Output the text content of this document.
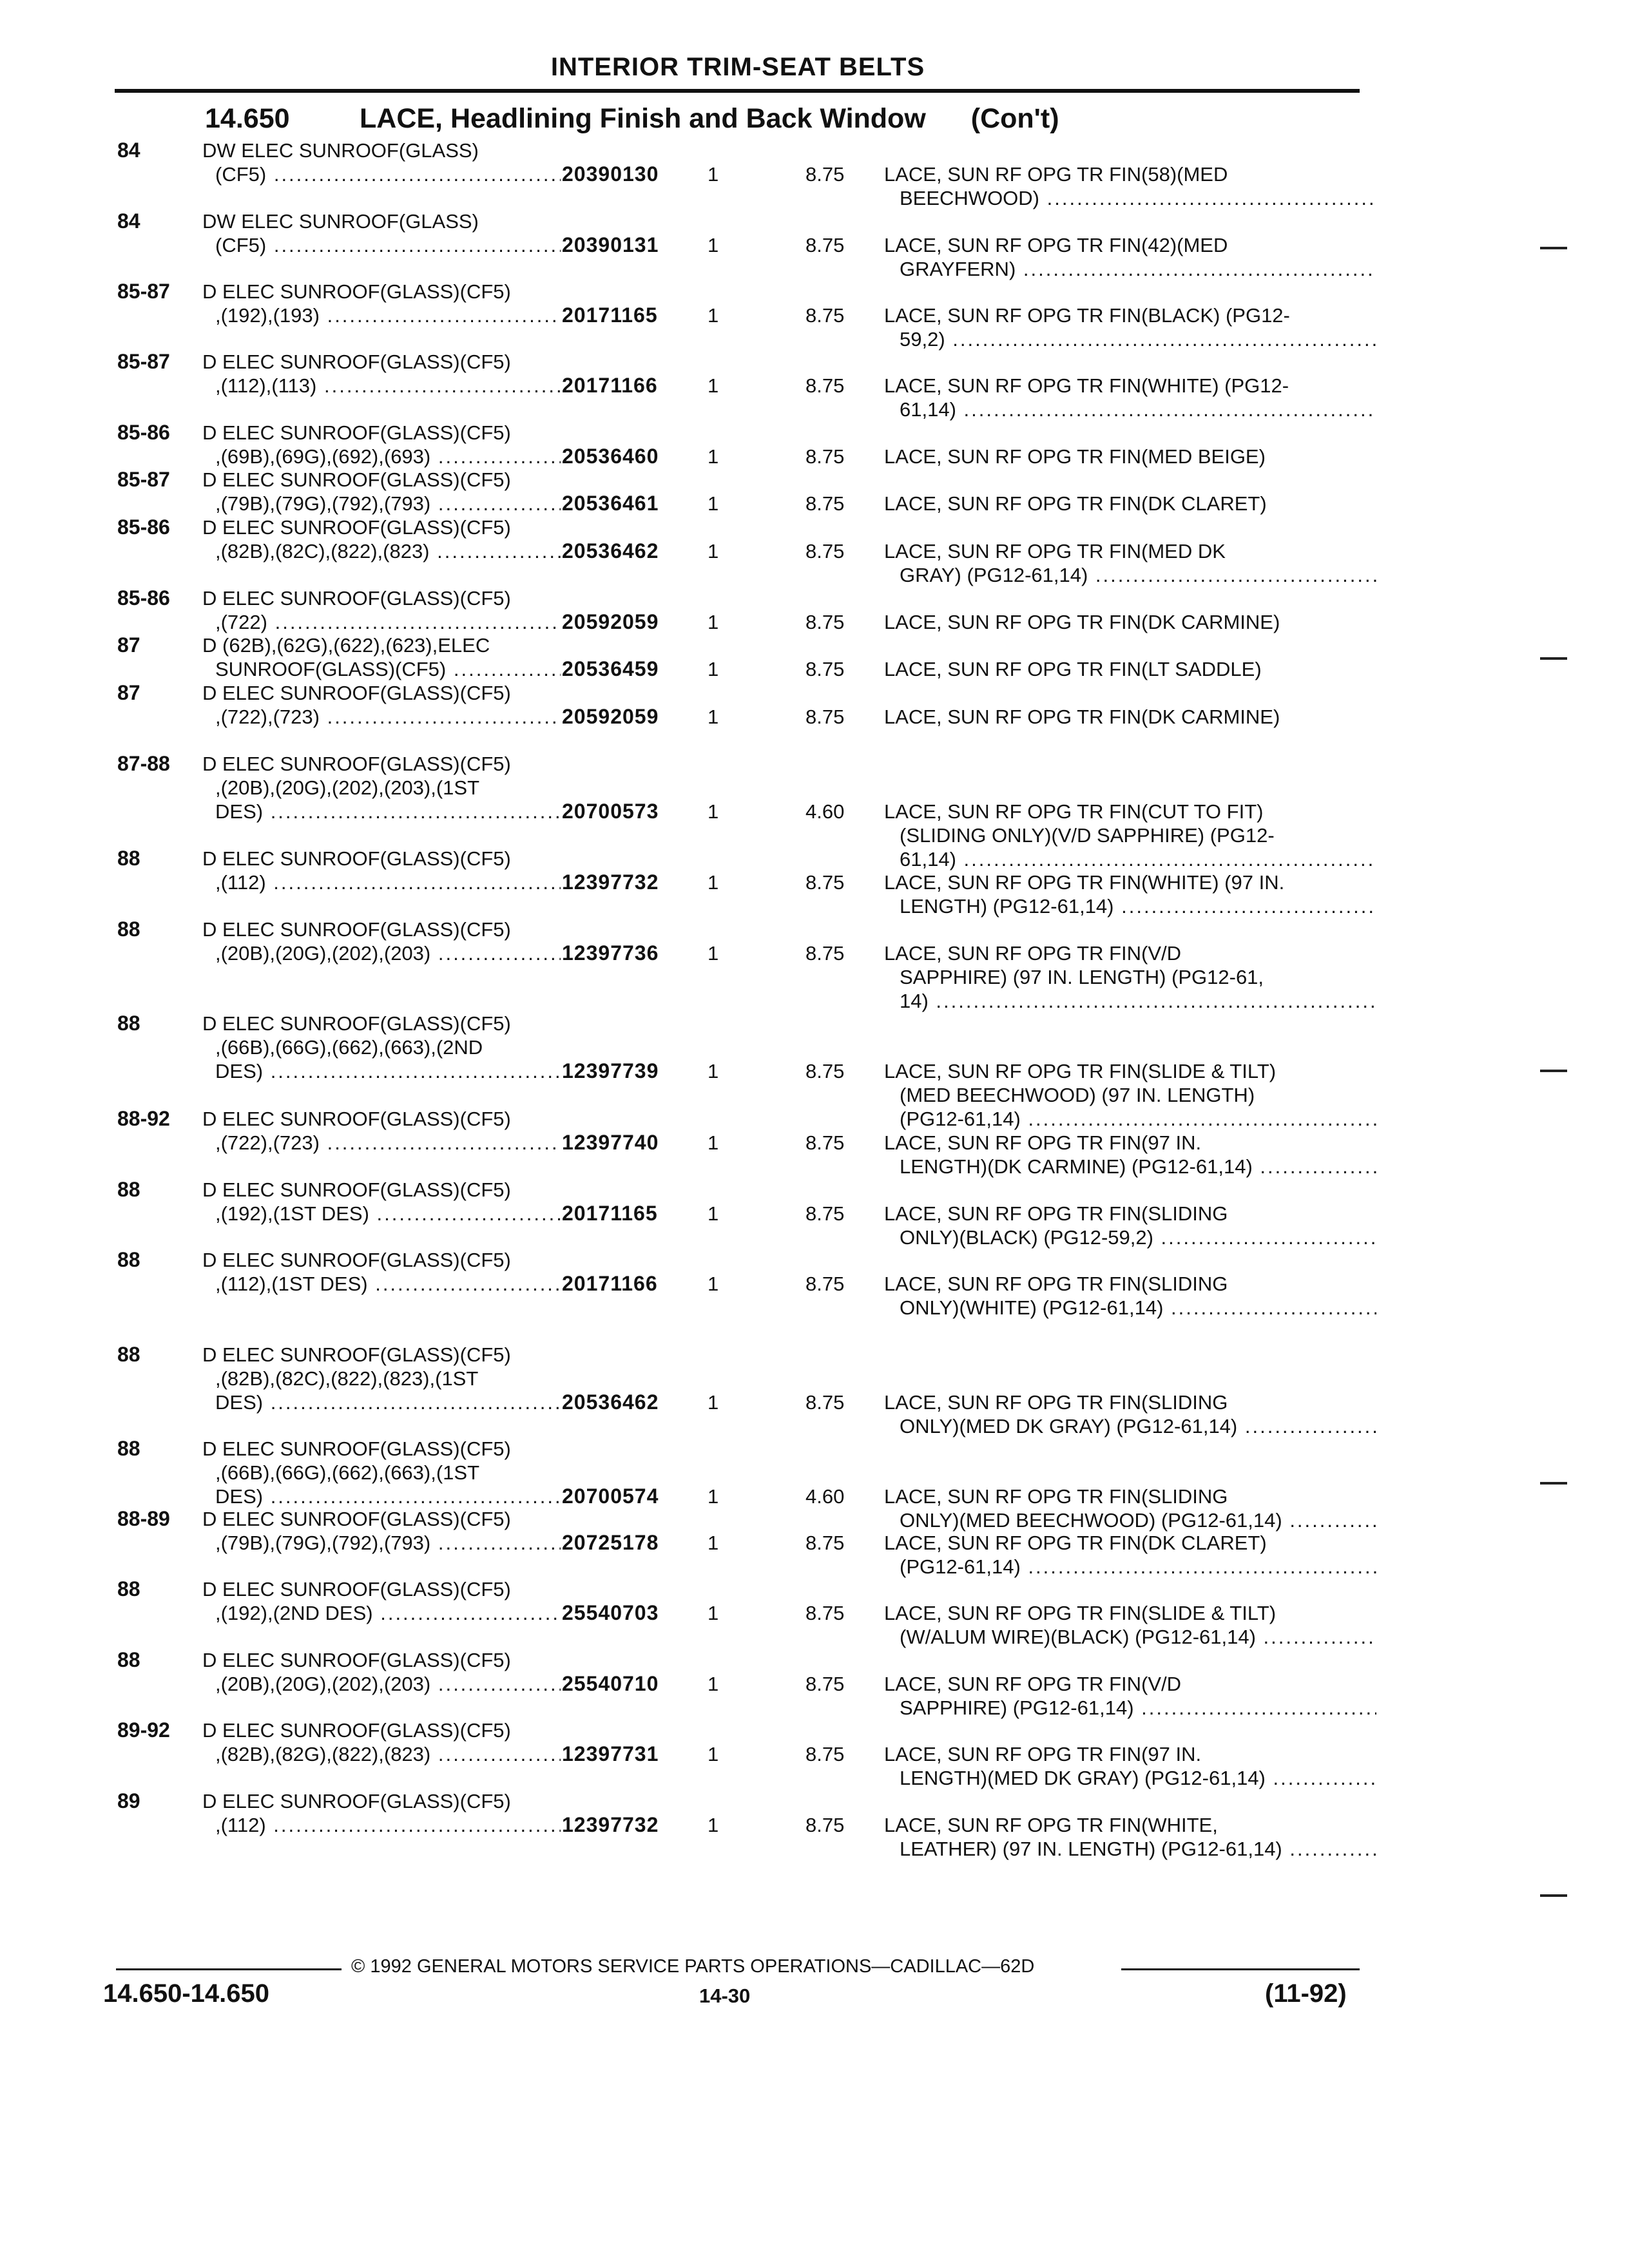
INTERIOR TRIM-SEAT BELTS
14.650	LACE, Headlining Finish and Back Window (Con't)
84	DW ELEC SUNROOF(GLASS)
(CF5) .....	20390130 1	8.75 LACE, SUN RF OPG TR FIN(58)(MED
BEECHWOOD) .....
84	DW ELEC SUNROOF(GLASS)
(CF5) .....	20390131 1	8.75 LACE, SUN RF OPG TR FIN(42)(MED
GRAYFERN) .....
85-87 D ELEC SUNROOF(GLASS)(CF5)
,(192),(193) .....	20171165 1	8.75 LACE, SUN RF OPG TR FIN(BLACK) (PG12-
59,2) .....
85-87 D ELEC SUNROOF(GLASS)(CF5)
,(112),(113) .....	20171166 1	8.75 LACE, SUN RF OPG TR FIN(WHITE) (PG12-
61,14) .....
85-86 D ELEC SUNROOF(GLASS)(CF5)
,(69B),(69G),(692),(693) .....	20536460 1	8.75 LACE, SUN RF OPG TR FIN(MED BEIGE)
85-87 D ELEC SUNROOF(GLASS)(CF5)
,(79B),(79G),(792),(793) .....	20536461 1	8.75 LACE, SUN RF OPG TR FIN(DK CLARET)
85-86 D ELEC SUNROOF(GLASS)(CF5)
,(82B),(82C),(822),(823) .....	20536462 1	8.75 LACE, SUN RF OPG TR FIN(MED DK
GRAY) (PG12-61,14) .....
85-86 D ELEC SUNROOF(GLASS)(CF5)
,(722) .....	20592059 1	8.75 LACE, SUN RF OPG TR FIN(DK CARMINE)
87	D (62B),(62G),(622),(623),ELEC
SUNROOF(GLASS)(CF5) .....	20536459 1	8.75 LACE, SUN RF OPG TR FIN(LT SADDLE)
87	D ELEC SUNROOF(GLASS)(CF5)
,(722),(723) .....	20592059 1	8.75 LACE, SUN RF OPG TR FIN(DK CARMINE)
87-88 D ELEC SUNROOF(GLASS)(CF5)
,(20B),(20G),(202),(203),(1ST
DES) .....	20700573 1	4.60 LACE, SUN RF OPG TR FIN(CUT TO FIT)
(SLIDING ONLY)(V/D SAPPHIRE) (PG12-
61,14) .....
88	D ELEC SUNROOF(GLASS)(CF5)
,(112) .....	12397732 1	8.75 LACE, SUN RF OPG TR FIN(WHITE) (97 IN.
LENGTH) (PG12-61,14) .....
88	D ELEC SUNROOF(GLASS)(CF5)
,(20B),(20G),(202),(203) .....	12397736 1	8.75 LACE, SUN RF OPG TR FIN(V/D
SAPPHIRE) (97 IN. LENGTH) (PG12-61,
14) .....
88	D ELEC SUNROOF(GLASS)(CF5)
,(66B),(66G),(662),(663),(2ND
DES) .....	12397739 1	8.75 LACE, SUN RF OPG TR FIN(SLIDE & TILT)
(MED BEECHWOOD) (97 IN. LENGTH)
(PG12-61,14) .....
88-92 D ELEC SUNROOF(GLASS)(CF5)
,(722),(723) .....	12397740 1	8.75 LACE, SUN RF OPG TR FIN(97 IN.
LENGTH)(DK CARMINE) (PG12-61,14) .....
88	D ELEC SUNROOF(GLASS)(CF5)
,(192),(1ST DES) .....	20171165 1	8.75 LACE, SUN RF OPG TR FIN(SLIDING
ONLY)(BLACK) (PG12-59,2) .....
88	D ELEC SUNROOF(GLASS)(CF5)
,(112),(1ST DES) .....	20171166 1	8.75 LACE, SUN RF OPG TR FIN(SLIDING
ONLY)(WHITE) (PG12-61,14) .....
88	D ELEC SUNROOF(GLASS)(CF5)
,(82B),(82C),(822),(823),(1ST
DES) .....	20536462 1	8.75 LACE, SUN RF OPG TR FIN(SLIDING
ONLY)(MED DK GRAY) (PG12-61,14) .....
88	D ELEC SUNROOF(GLASS)(CF5)
,(66B),(66G),(662),(663),(1ST
DES) .....	20700574 1	4.60 LACE, SUN RF OPG TR FIN(SLIDING
ONLY)(MED BEECHWOOD) (PG12-61,14) .....
88-89 D ELEC SUNROOF(GLASS)(CF5)
,(79B),(79G),(792),(793) .....	20725178 1	8.75 LACE, SUN RF OPG TR FIN(DK CLARET)
(PG12-61,14) .....
88	D ELEC SUNROOF(GLASS)(CF5)
,(192),(2ND DES) .....	25540703 1	8.75 LACE, SUN RF OPG TR FIN(SLIDE & TILT)
(W/ALUM WIRE)(BLACK) (PG12-61,14) .....
88	D ELEC SUNROOF(GLASS)(CF5)
,(20B),(20G),(202),(203) .....	25540710 1	8.75 LACE, SUN RF OPG TR FIN(V/D
SAPPHIRE) (PG12-61,14) .....
89-92 D ELEC SUNROOF(GLASS)(CF5)
,(82B),(82G),(822),(823) .....	12397731 1	8.75 LACE, SUN RF OPG TR FIN(97 IN.
LENGTH)(MED DK GRAY) (PG12-61,14) .....
89	D ELEC SUNROOF(GLASS)(CF5)
,(112) .....	12397732 1	8.75 LACE, SUN RF OPG TR FIN(WHITE,
LEATHER) (97 IN. LENGTH) (PG12-61,14) .....
© 1992 GENERAL MOTORS SERVICE PARTS OPERATIONS—CADILLAC—62D
14.650-14.650	14-30	(11-92)
